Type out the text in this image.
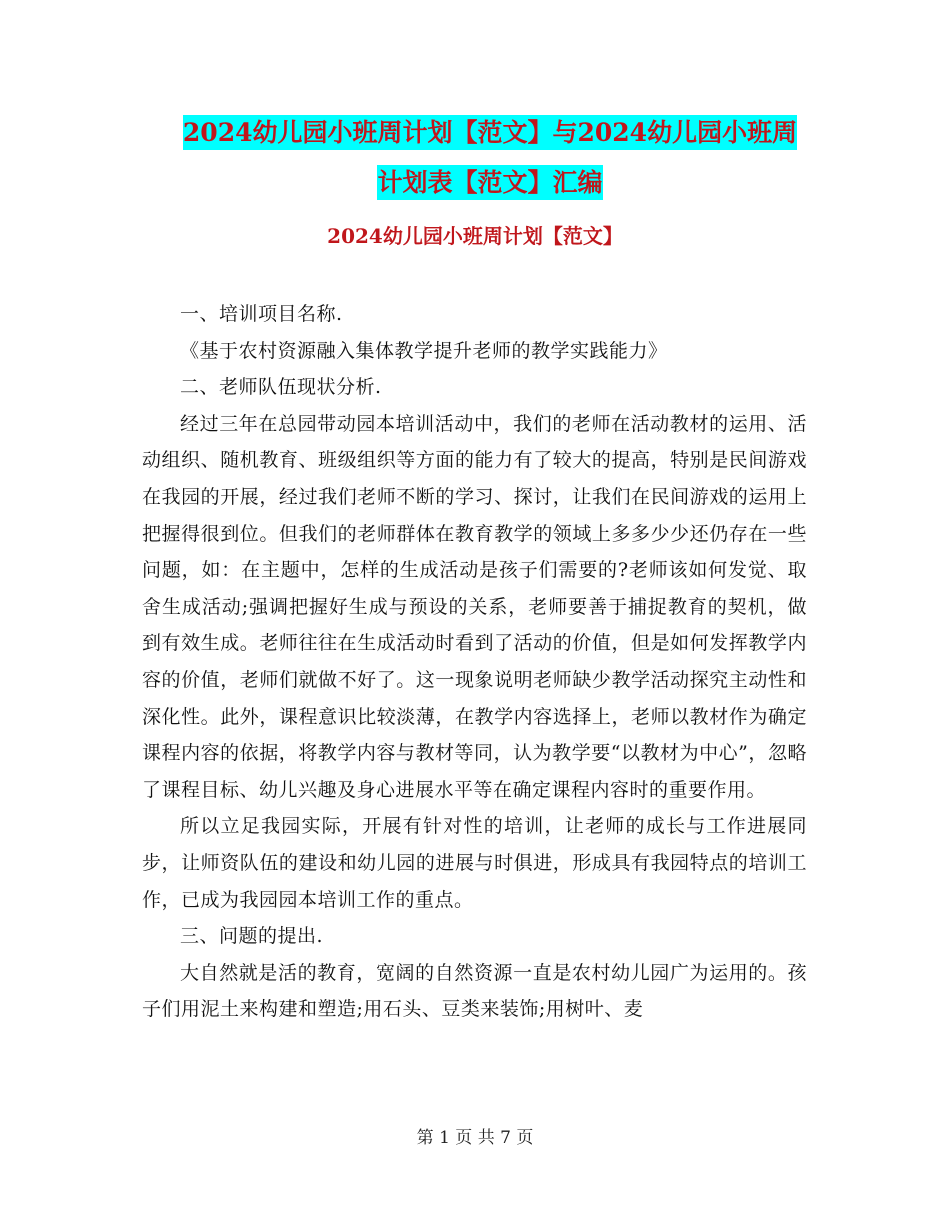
2024幼儿园小班周计划【范文】与2024幼儿园小班周
计划表【范文】汇编
2024幼儿园小班周计划【范文】

一、培训项目名称.

《基于农村资源融入集体教学提升老师的教学实践能力》

二、老师队伍现状分析.

经过三年在总园带动园本培训活动中，我们的老师在活动教材的运用、活动组织、随机教育、班级组织等方面的能力有了较大的提高，特别是民间游戏在我园的开展，经过我们老师不断的学习、探讨，让我们在民间游戏的运用上把握得很到位。但我们的老师群体在教育教学的领域上多多少少还仍存在一些问题，如：在主题中，怎样的生成活动是孩子们需要的?老师该如何发觉、取舍生成活动;强调把握好生成与预设的关系，老师要善于捕捉教育的契机，做到有效生成。老师往往在生成活动时看到了活动的价值，但是如何发挥教学内容的价值，老师们就做不好了。这一现象说明老师缺少教学活动探究主动性和深化性。此外，课程意识比较淡薄，在教学内容选择上，老师以教材作为确定课程内容的依据，将教学内容与教材等同，认为教学要“以教材为中心”，忽略了课程目标、幼儿兴趣及身心进展水平等在确定课程内容时的重要作用。

所以立足我园实际，开展有针对性的培训，让老师的成长与工作进展同步，让师资队伍的建设和幼儿园的进展与时俱进，形成具有我园特点的培训工作，已成为我园园本培训工作的重点。

三、问题的提出.

大自然就是活的教育，宽阔的自然资源一直是农村幼儿园广为运用的。孩子们用泥土来构建和塑造;用石头、豆类来装饰;用树叶、麦

第 1 页 共 7 页
